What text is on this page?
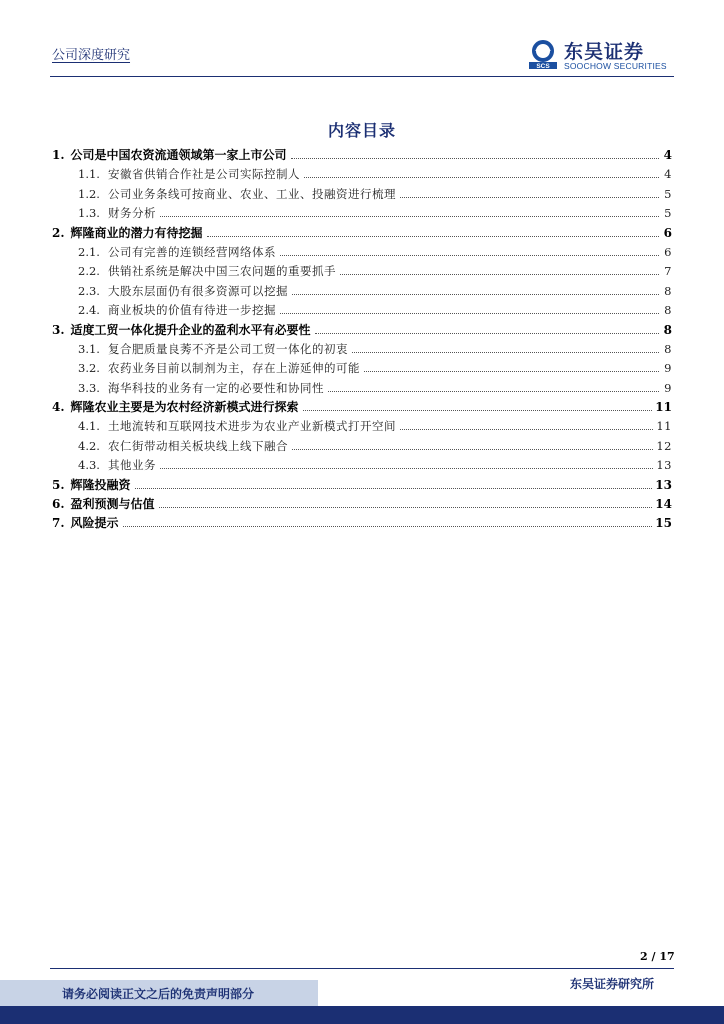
公司深度研究
SCS
东吴证券
SOOCHOW SECURITIES
内容目录
1. 公司是中国农资流通领域第一家上市公司	4
1.1. 安徽省供销合作社是公司实际控制人	4
1.2. 公司业务条线可按商业、农业、工业、投融资进行梳理	5
1.3. 财务分析	5
2. 辉隆商业的潜力有待挖掘	6
2.1. 公司有完善的连锁经营网络体系	6
2.2. 供销社系统是解决中国三农问题的重要抓手	7
2.3. 大股东层面仍有很多资源可以挖掘	8
2.4. 商业板块的价值有待进一步挖掘	8
3. 适度工贸一体化提升企业的盈利水平有必要性	8
3.1. 复合肥质量良莠不齐是公司工贸一体化的初衷	8
3.2. 农药业务目前以制剂为主，存在上游延伸的可能	9
3.3. 海华科技的业务有一定的必要性和协同性	9
4. 辉隆农业主要是为农村经济新模式进行探索	11
4.1. 土地流转和互联网技术进步为农业产业新模式打开空间	11
4.2. 农仁街带动相关板块线上线下融合	12
4.3. 其他业务	13
5. 辉隆投融资	13
6. 盈利预测与估值	14
7. 风险提示	15
2 / 17
请务必阅读正文之后的免责声明部分
东吴证券研究所
